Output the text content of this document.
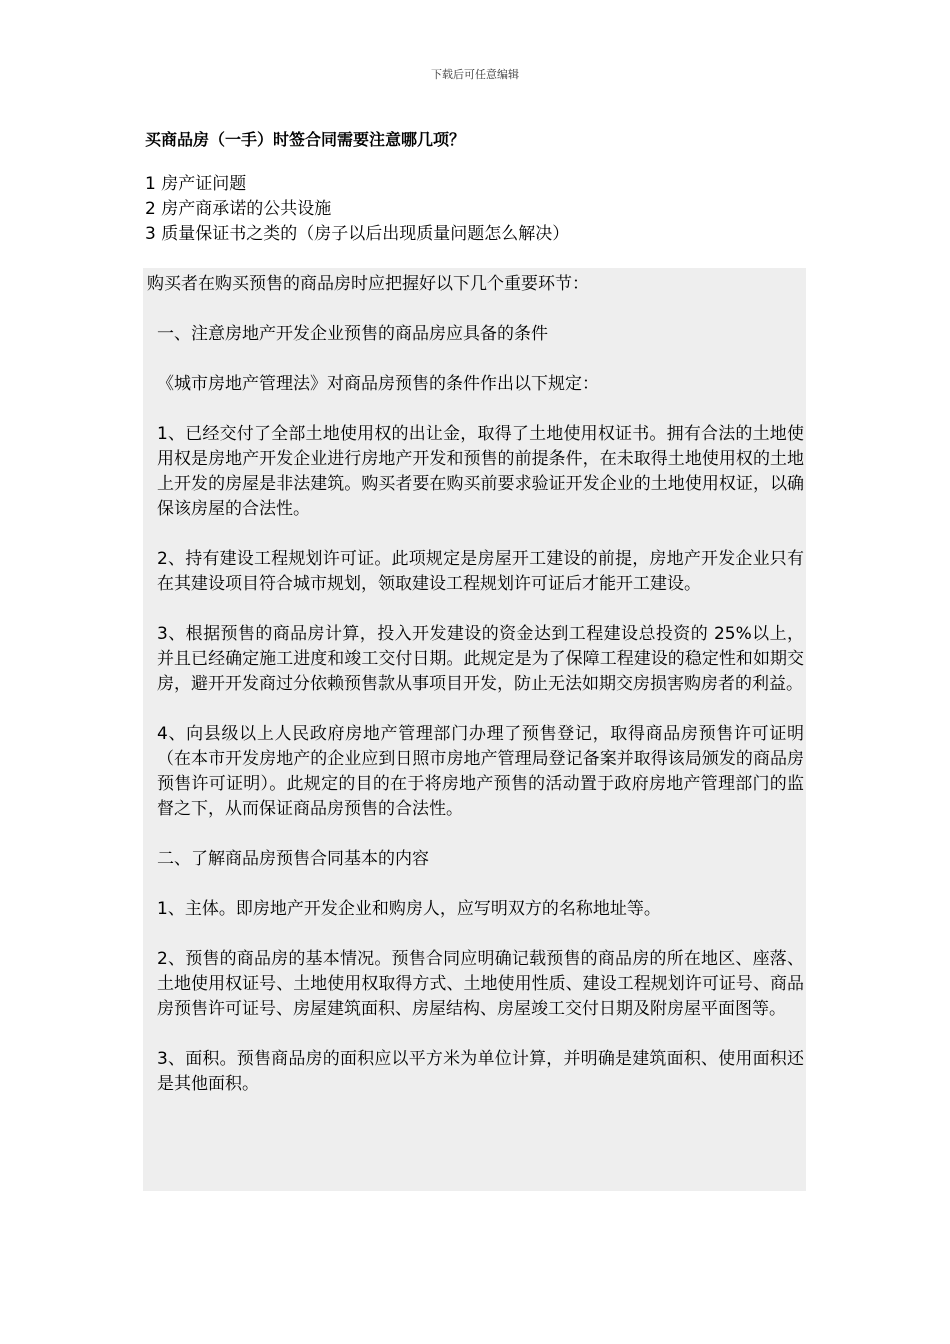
下载后可任意编辑
买商品房（一手）时签合同需要注意哪几项？
1 房产证问题
2 房产商承诺的公共设施
3 质量保证书之类的（房子以后出现质量问题怎么解决）

购买者在购买预售的商品房时应把握好以下几个重要环节：

一、注意房地产开发企业预售的商品房应具备的条件

《城市房地产管理法》对商品房预售的条件作出以下规定：

1、已经交付了全部土地使用权的出让金，取得了土地使用权证书。拥有合法的土地使用权是房地产开发企业进行房地产开发和预售的前提条件，在未取得土地使用权的土地上开发的房屋是非法建筑。购买者要在购买前要求验证开发企业的土地使用权证，以确保该房屋的合法性。

2、持有建设工程规划许可证。此项规定是房屋开工建设的前提，房地产开发企业只有在其建设项目符合城市规划，领取建设工程规划许可证后才能开工建设。

3、根据预售的商品房计算，投入开发建设的资金达到工程建设总投资的 25%以上，并且已经确定施工进度和竣工交付日期。此规定是为了保障工程建设的稳定性和如期交房，避开开发商过分依赖预售款从事项目开发，防止无法如期交房损害购房者的利益。

4、向县级以上人民政府房地产管理部门办理了预售登记，取得商品房预售许可证明（在本市开发房地产的企业应到日照市房地产管理局登记备案并取得该局颁发的商品房预售许可证明）。此规定的目的在于将房地产预售的活动置于政府房地产管理部门的监督之下，从而保证商品房预售的合法性。

二、了解商品房预售合同基本的内容

1、主体。即房地产开发企业和购房人，应写明双方的名称地址等。

2、预售的商品房的基本情况。预售合同应明确记载预售的商品房的所在地区、座落、土地使用权证号、土地使用权取得方式、土地使用性质、建设工程规划许可证号、商品房预售许可证号、房屋建筑面积、房屋结构、房屋竣工交付日期及附房屋平面图等。

3、面积。预售商品房的面积应以平方米为单位计算，并明确是建筑面积、使用面积还是其他面积。
